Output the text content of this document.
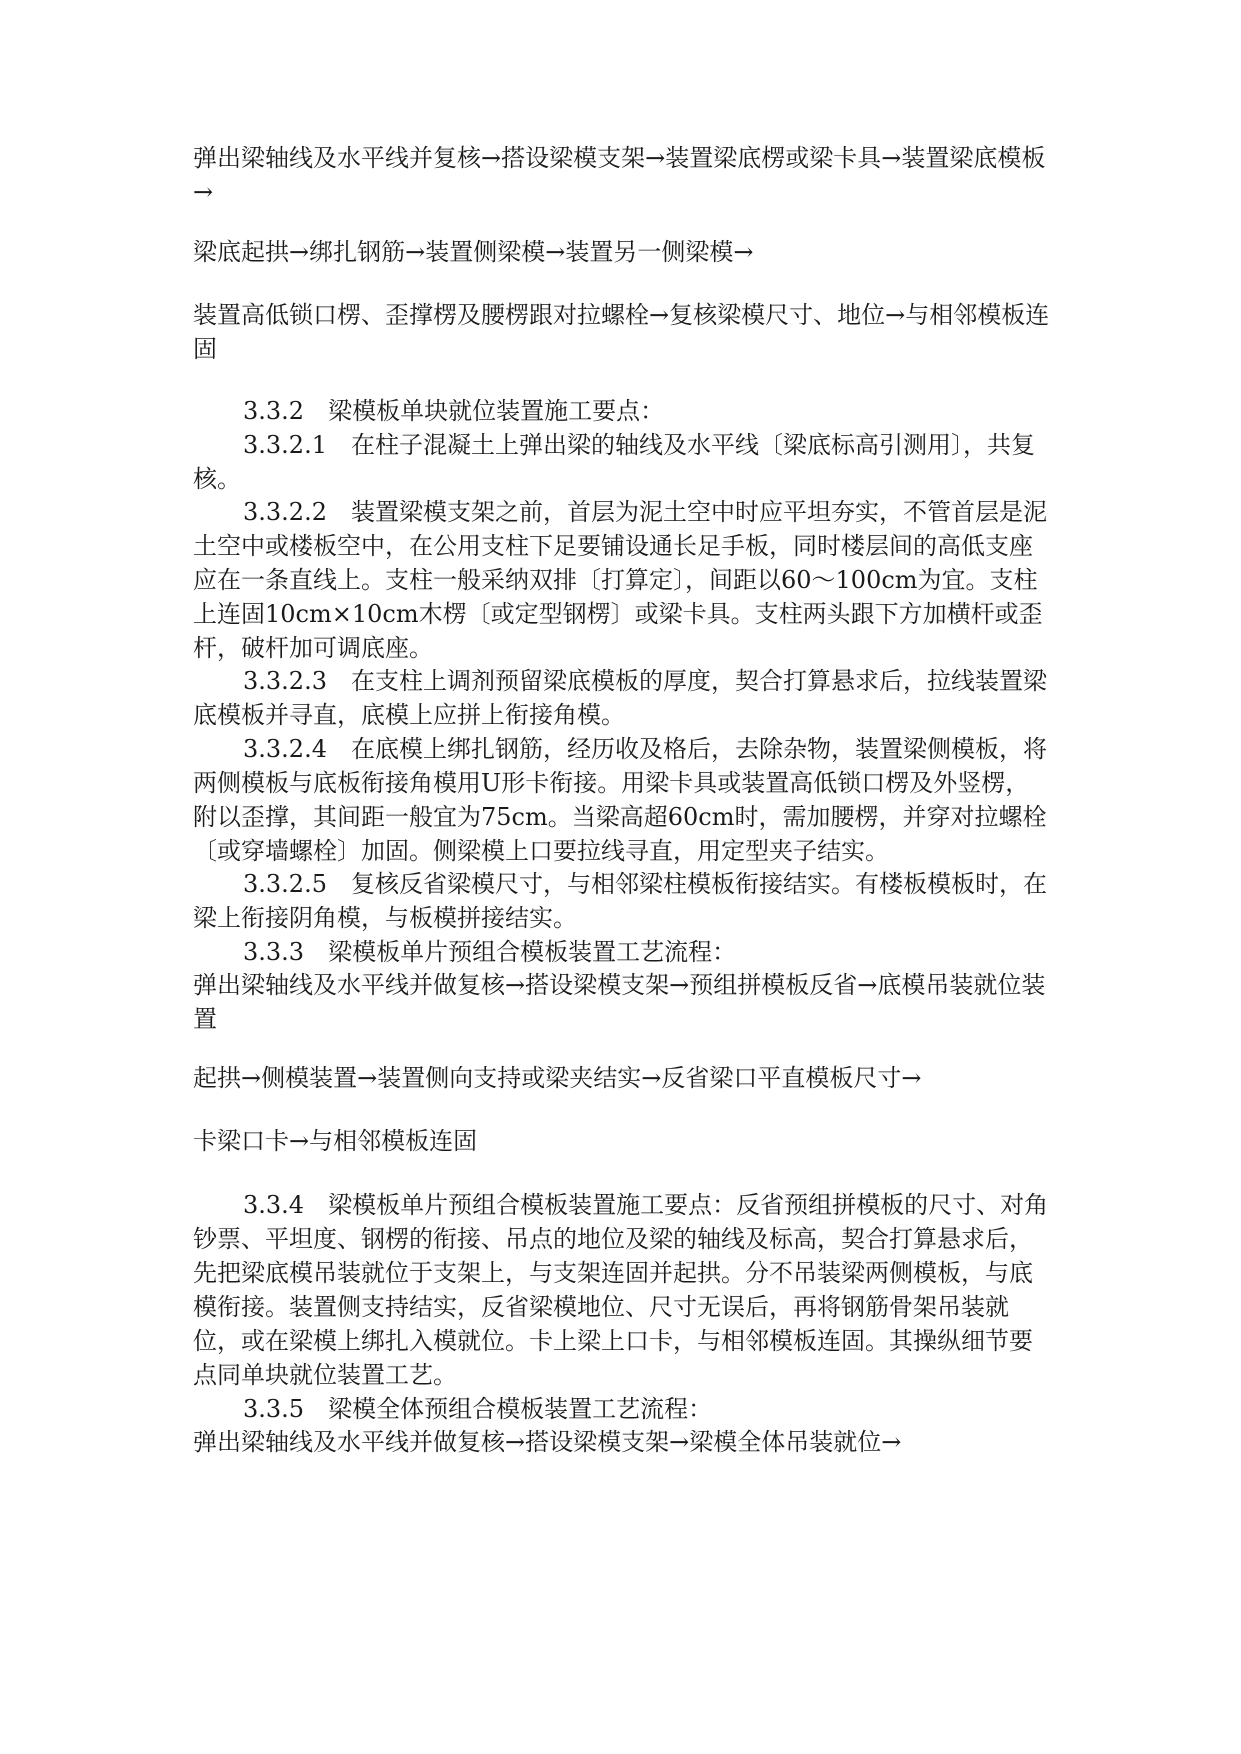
弹出梁轴线及水平线并复核→搭设梁模支架→装置梁底楞或梁卡具→装置梁底模板→

梁底起拱→绑扎钢筋→装置侧梁模→装置另一侧梁模→

装置高低锁口楞、歪撑楞及腰楞跟对拉螺栓→复核梁模尺寸、地位→与相邻模板连固

3.3.2　梁模板单块就位装置施工要点：

3.3.2.1　在柱子混凝土上弹出梁的轴线及水平线〔梁底标高引测用〕，共复核。

3.3.2.2　装置梁模支架之前，首层为泥土空中时应平坦夯实，不管首层是泥土空中或楼板空中，在公用支柱下足要铺设通长足手板，同时楼层间的高低支座应在一条直线上。支柱一般采纳双排〔打算定〕，间距以60～100cm为宜。支柱上连固10cm×10cm木楞〔或定型钢楞〕或梁卡具。支柱两头跟下方加横杆或歪杆，破杆加可调底座。

3.3.2.3　在支柱上调剂预留梁底模板的厚度，契合打算悬求后，拉线装置梁底模板并寻直，底模上应拼上衔接角模。

3.3.2.4　在底模上绑扎钢筋，经历收及格后，去除杂物，装置梁侧模板，将两侧模板与底板衔接角模用U形卡衔接。用梁卡具或装置高低锁口楞及外竖楞，附以歪撑，其间距一般宜为75cm。当梁高超60cm时，需加腰楞，并穿对拉螺栓〔或穿墙螺栓〕加固。侧梁模上口要拉线寻直，用定型夹子结实。

3.3.2.5　复核反省梁模尺寸，与相邻梁柱模板衔接结实。有楼板模板时，在梁上衔接阴角模，与板模拼接结实。

3.3.3　梁模板单片预组合模板装置工艺流程：

弹出梁轴线及水平线并做复核→搭设梁模支架→预组拼模板反省→底模吊装就位装置

起拱→侧模装置→装置侧向支持或梁夹结实→反省梁口平直模板尺寸→

卡梁口卡→与相邻模板连固

3.3.4　梁模板单片预组合模板装置施工要点：反省预组拼模板的尺寸、对角钞票、平坦度、钢楞的衔接、吊点的地位及梁的轴线及标高，契合打算悬求后，先把梁底模吊装就位于支架上，与支架连固并起拱。分不吊装梁两侧模板，与底模衔接。装置侧支持结实，反省梁模地位、尺寸无误后，再将钢筋骨架吊装就位，或在梁模上绑扎入模就位。卡上梁上口卡，与相邻模板连固。其操纵细节要点同单块就位装置工艺。

3.3.5　梁模全体预组合模板装置工艺流程：

弹出梁轴线及水平线并做复核→搭设梁模支架→梁模全体吊装就位→
